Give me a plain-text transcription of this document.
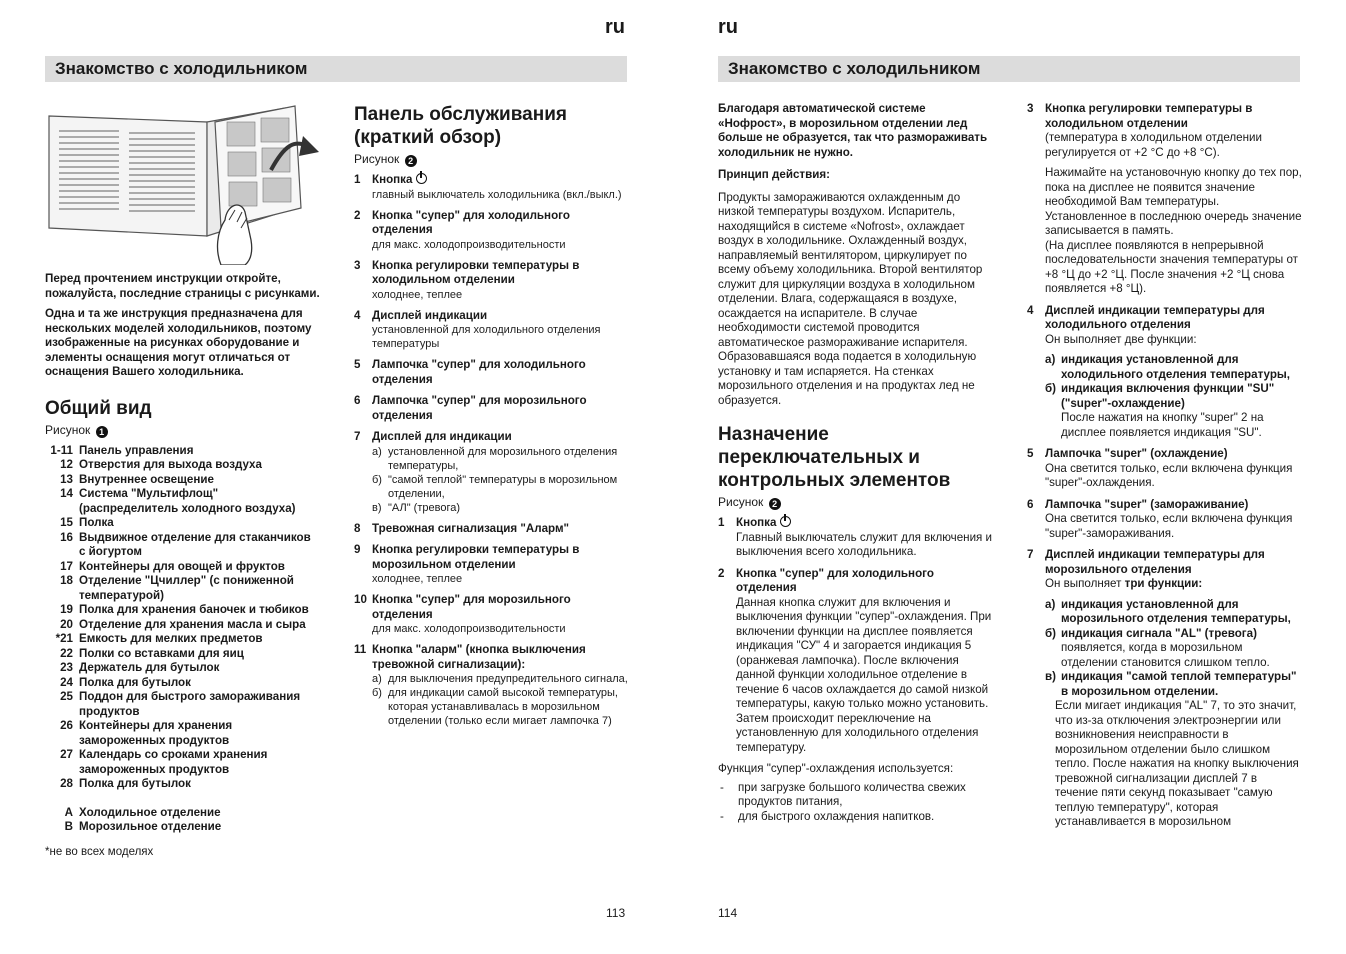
ru
Знакомство с холодильником

Перед прочтением инструкции откройте, пожалуйста, последние страницы с рисунками.

Одна и та же инструкция предназначена для нескольких моделей холодильников, поэтому изображенные на рисунках оборудование и элементы оснащения могут отличаться от оснащения Вашего холодильника.

Общий вид
Рисунок 1
1-11 Панель управления
12 Отверстия для выхода воздуха
13 Внутреннее освещение
14 Система "Мультифлощ" (распределитель холодного воздуха)
15 Полка
16 Выдвижное отделение для стаканчиков с йогуртом
17 Контейнеры для овощей и фруктов
18 Отделение "Цчиллер" (с пониженной температурой)
19 Полка для хранения баночек и тюбиков
20 Отделение для хранения масла и сыра
*21 Емкость для мелких предметов
22 Полки со вставками для яиц
23 Держатель для бутылок
24 Полка для бутылок
25 Поддон для быстрого замораживания продуктов
26 Контейнеры для хранения замороженных продуктов
27 Календарь со сроками хранения замороженных продуктов
28 Полка для бутылок
A Холодильное отделение
B Морозильное отделение
*не во всех моделях
Панель обслуживания
(краткий обзор)
Рисунок 2
1 Кнопка
главный выключатель холодильника (вкл./выкл.)
2 Кнопка "супер" для холодильного отделения
для макс. холодопроизводительности
3 Кнопка регулировки температуры в холодильном отделении
холоднее, теплее
4 Дисплей индикации
установленной для холодильного отделения температуры
5 Лампочка "супер" для холодильного отделения
6 Лампочка "супер" для морозильного отделения
7 Дисплей для индикации
а) установленной для морозильного отделения температуры,
б) "самой теплой" температуры в морозильном отделении,
в) "АЛ" (тревога)
8 Тревожная сигнализация "Аларм"
9 Кнопка регулировки температуры в морозильном отделении
холоднее, теплее
10 Кнопка "супер" для морозильного отделения
для макс. холодопроизводительности
11 Кнопка "аларм" (кнопка выключения тревожной сигнализации):
а) для выключения предупредительного сигнала,
б) для индикации самой высокой температуры, которая устанавливалась в морозильном отделении (только если мигает лампочка 7)
113
ru
Знакомство с холодильником

Благодаря автоматической системе «Нофрост», в морозильном отделении лед больше не образуется, так что размораживать холодильник не нужно.

Принцип действия:

Продукты замораживаются охлажденным до низкой температуры воздухом. Испаритель, находящийся в системе «Nofrost», охлаждает воздух в холодильнике. Охлажденный воздух, направляемый вентилятором, циркулирует по всему объему холодильника. Второй вентилятор служит для циркуляции воздуха в холодильном отделении. Влага, содержащаяся в воздухе, осаждается на испарителе. В случае необходимости системой проводится автоматическое размораживание испарителя. Образовавшаяся вода подается в холодильную установку и там испаряется. На стенках морозильного отделения и на продуктах лед не образуется.

Назначение
переключательных и
контрольных элементов
Рисунок 2
1 Кнопка
Главный выключатель служит для включения и выключения всего холодильника.
2 Кнопка "супер" для холодильного отделения
Данная кнопка служит для включения и выключения функции "супер"-охлаждения. При включении функции на дисплее появляется индикация "СУ" 4 и загорается индикация 5 (оранжевая лампочка). После включения данной функции холодильное отделение в течение 6 часов охлаждается до самой низкой температуры, какую только можно установить. Затем происходит переключение на установленную для холодильного отделения температуру.
Функция "супер"-охлаждения используется:
-	при загрузке большого количества свежих продуктов питания,
-	для быстрого охлаждения напитков.
3 Кнопка регулировки температуры в холодильном отделении
(температура в холодильном отделении регулируется от +2 °С до +8 °С).
Нажимайте на установочную кнопку до тех пор, пока на дисплее не появится значение необходимой Вам температуры. Установленное в последнюю очередь значение записывается в память.
(На дисплее появляются в непрерывной последовательности значения температуры от +8 °Ц до +2 °Ц. После значения +2 °Ц снова появляется +8 °Ц).
4 Дисплей индикации температуры для холодильного отделения
Он выполняет две функции:
а) индикация установленной для холодильного отделения температуры,
б) индикация включения функции "SU" ("super"-охлаждение)
После нажатия на кнопку "super" 2 на дисплее появляется индикация "SU".
5 Лампочка "super" (охлаждение)
Она светится только, если включена функция "super"-охлаждения.
6 Лампочка "super" (замораживание)
Она светится только, если включена функция "super"-замораживания.
7 Дисплей индикации температуры для морозильного отделения
Он выполняет три функции:
а) индикация установленной для морозильного отделения температуры,
б) индикация сигнала "AL" (тревога)
появляется, когда в морозильном отделении становится слишком тепло.
в) индикация "самой теплой температуры" в морозильном отделении.
Если мигает индикация "AL" 7, то это значит, что из-за отключения электроэнергии или возникновения неисправности в морозильном отделении было слишком тепло. После нажатия на кнопку выключения тревожной сигнализации дисплей 7 в течение пяти секунд показывает "самую теплую температуру", которая устанавливается в морозильном
114
